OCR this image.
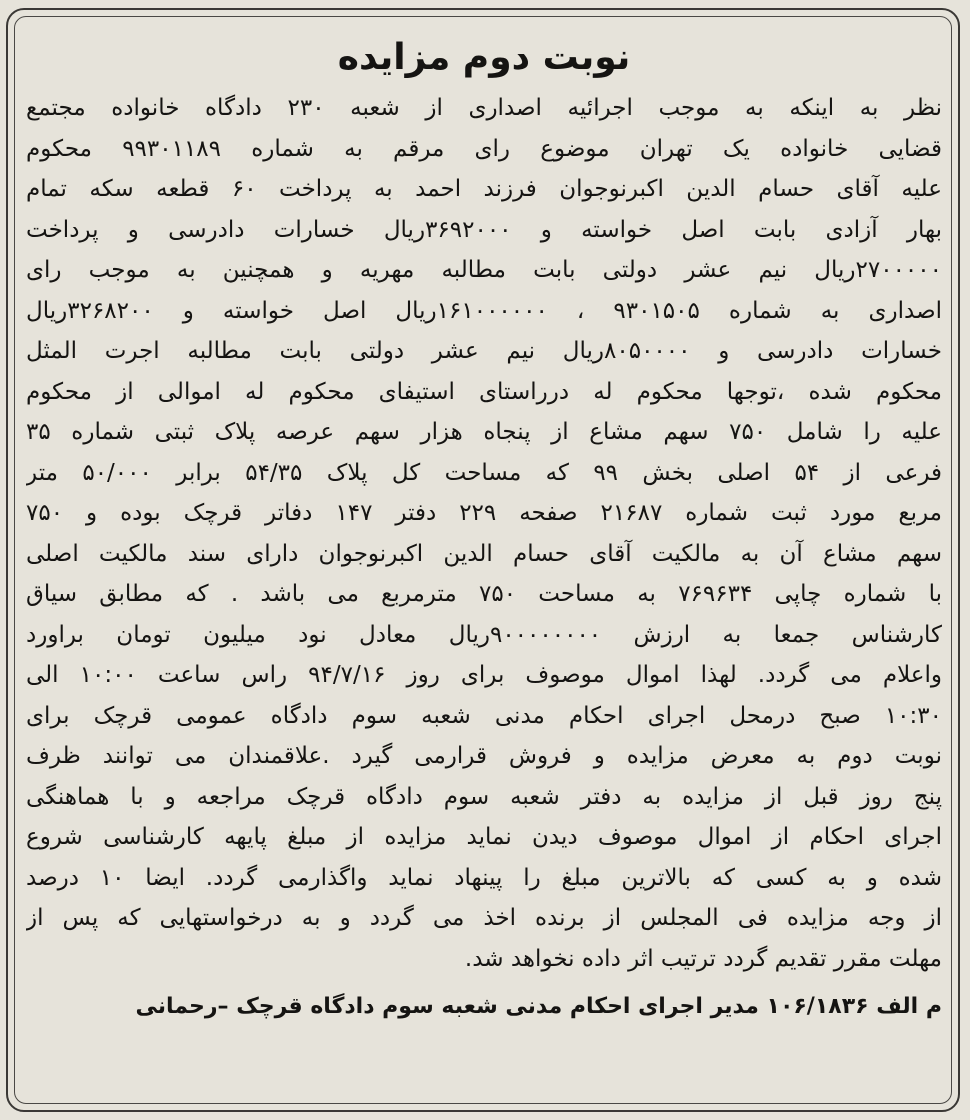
نوبت دوم مزایده
نظر به اینکه به موجب اجرائیه اصداری از شعبه ۲۳۰ دادگاه خانواده مجتمع
قضایی خانواده یک تهران موضوع رای مرقم به شماره ۹۹۳۰۱۱۸۹ محکوم
علیه آقای حسام الدین اکبرنوجوان فرزند احمد به پرداخت ۶۰ قطعه سکه تمام
بهار آزادی بابت اصل خواسته و ۳۶۹۲۰۰۰ریال خسارات دادرسی و پرداخت
۲۷۰۰۰۰۰ریال نیم عشر دولتی بابت مطالبه مهریه و همچنین به موجب رای
اصداری به شماره ۹۳۰۱۵۰۵ ، ۱۶۱۰۰۰۰۰۰ریال اصل خواسته و ۳۲۶۸۲۰۰ریال
خسارات دادرسی و ۸۰۵۰۰۰۰ریال نیم عشر دولتی بابت مطالبه اجرت المثل
محکوم شده ،توجها محکوم له درراستای استیفای محکوم له اموالی از محکوم
علیه را شامل ۷۵۰ سهم مشاع از پنجاه هزار سهم عرصه پلاک ثبتی شماره ۳۵
فرعی از ۵۴ اصلی بخش ۹۹ که مساحت کل پلاک ۵۴/۳۵ برابر ۵۰/۰۰۰ متر
مربع مورد ثبت شماره ۲۱۶۸۷ صفحه ۲۲۹ دفتر ۱۴۷ دفاتر قرچک بوده و ۷۵۰
سهم مشاع آن به مالکیت آقای حسام الدین اکبرنوجوان دارای سند مالکیت اصلی
با شماره چاپی ۷۶۹۶۳۴ به مساحت ۷۵۰ مترمربع می باشد . که مطابق سیاق
کارشناس جمعا به ارزش ۹۰۰۰۰۰۰۰۰ریال معادل نود میلیون تومان براورد
واعلام می گردد. لهذا اموال موصوف برای روز ۹۴/۷/۱۶ راس ساعت ۱۰:۰۰ الی
۱۰:۳۰ صبح درمحل اجرای احکام مدنی شعبه سوم دادگاه عمومی قرچک برای
نوبت دوم به معرض مزایده و فروش قرارمی گیرد .علاقمندان می توانند ظرف
پنج روز قبل از مزایده به دفتر شعبه سوم دادگاه قرچک مراجعه و با هماهنگی
اجرای احکام از اموال موصوف دیدن نماید مزایده از مبلغ پایهه کارشناسی شروع
شده و به کسی که بالاترین مبلغ را پینهاد نماید واگذارمی گردد. ایضا ۱۰ درصد
از وجه مزایده فی المجلس از برنده اخذ می گردد و به درخواستهایی که پس از
مهلت مقرر تقدیم گردد ترتیب اثر داده نخواهد شد.
م الف ۱۰۶/۱۸۳۶ مدیر اجرای احکام مدنی شعبه سوم دادگاه قرچک –رحمانی
